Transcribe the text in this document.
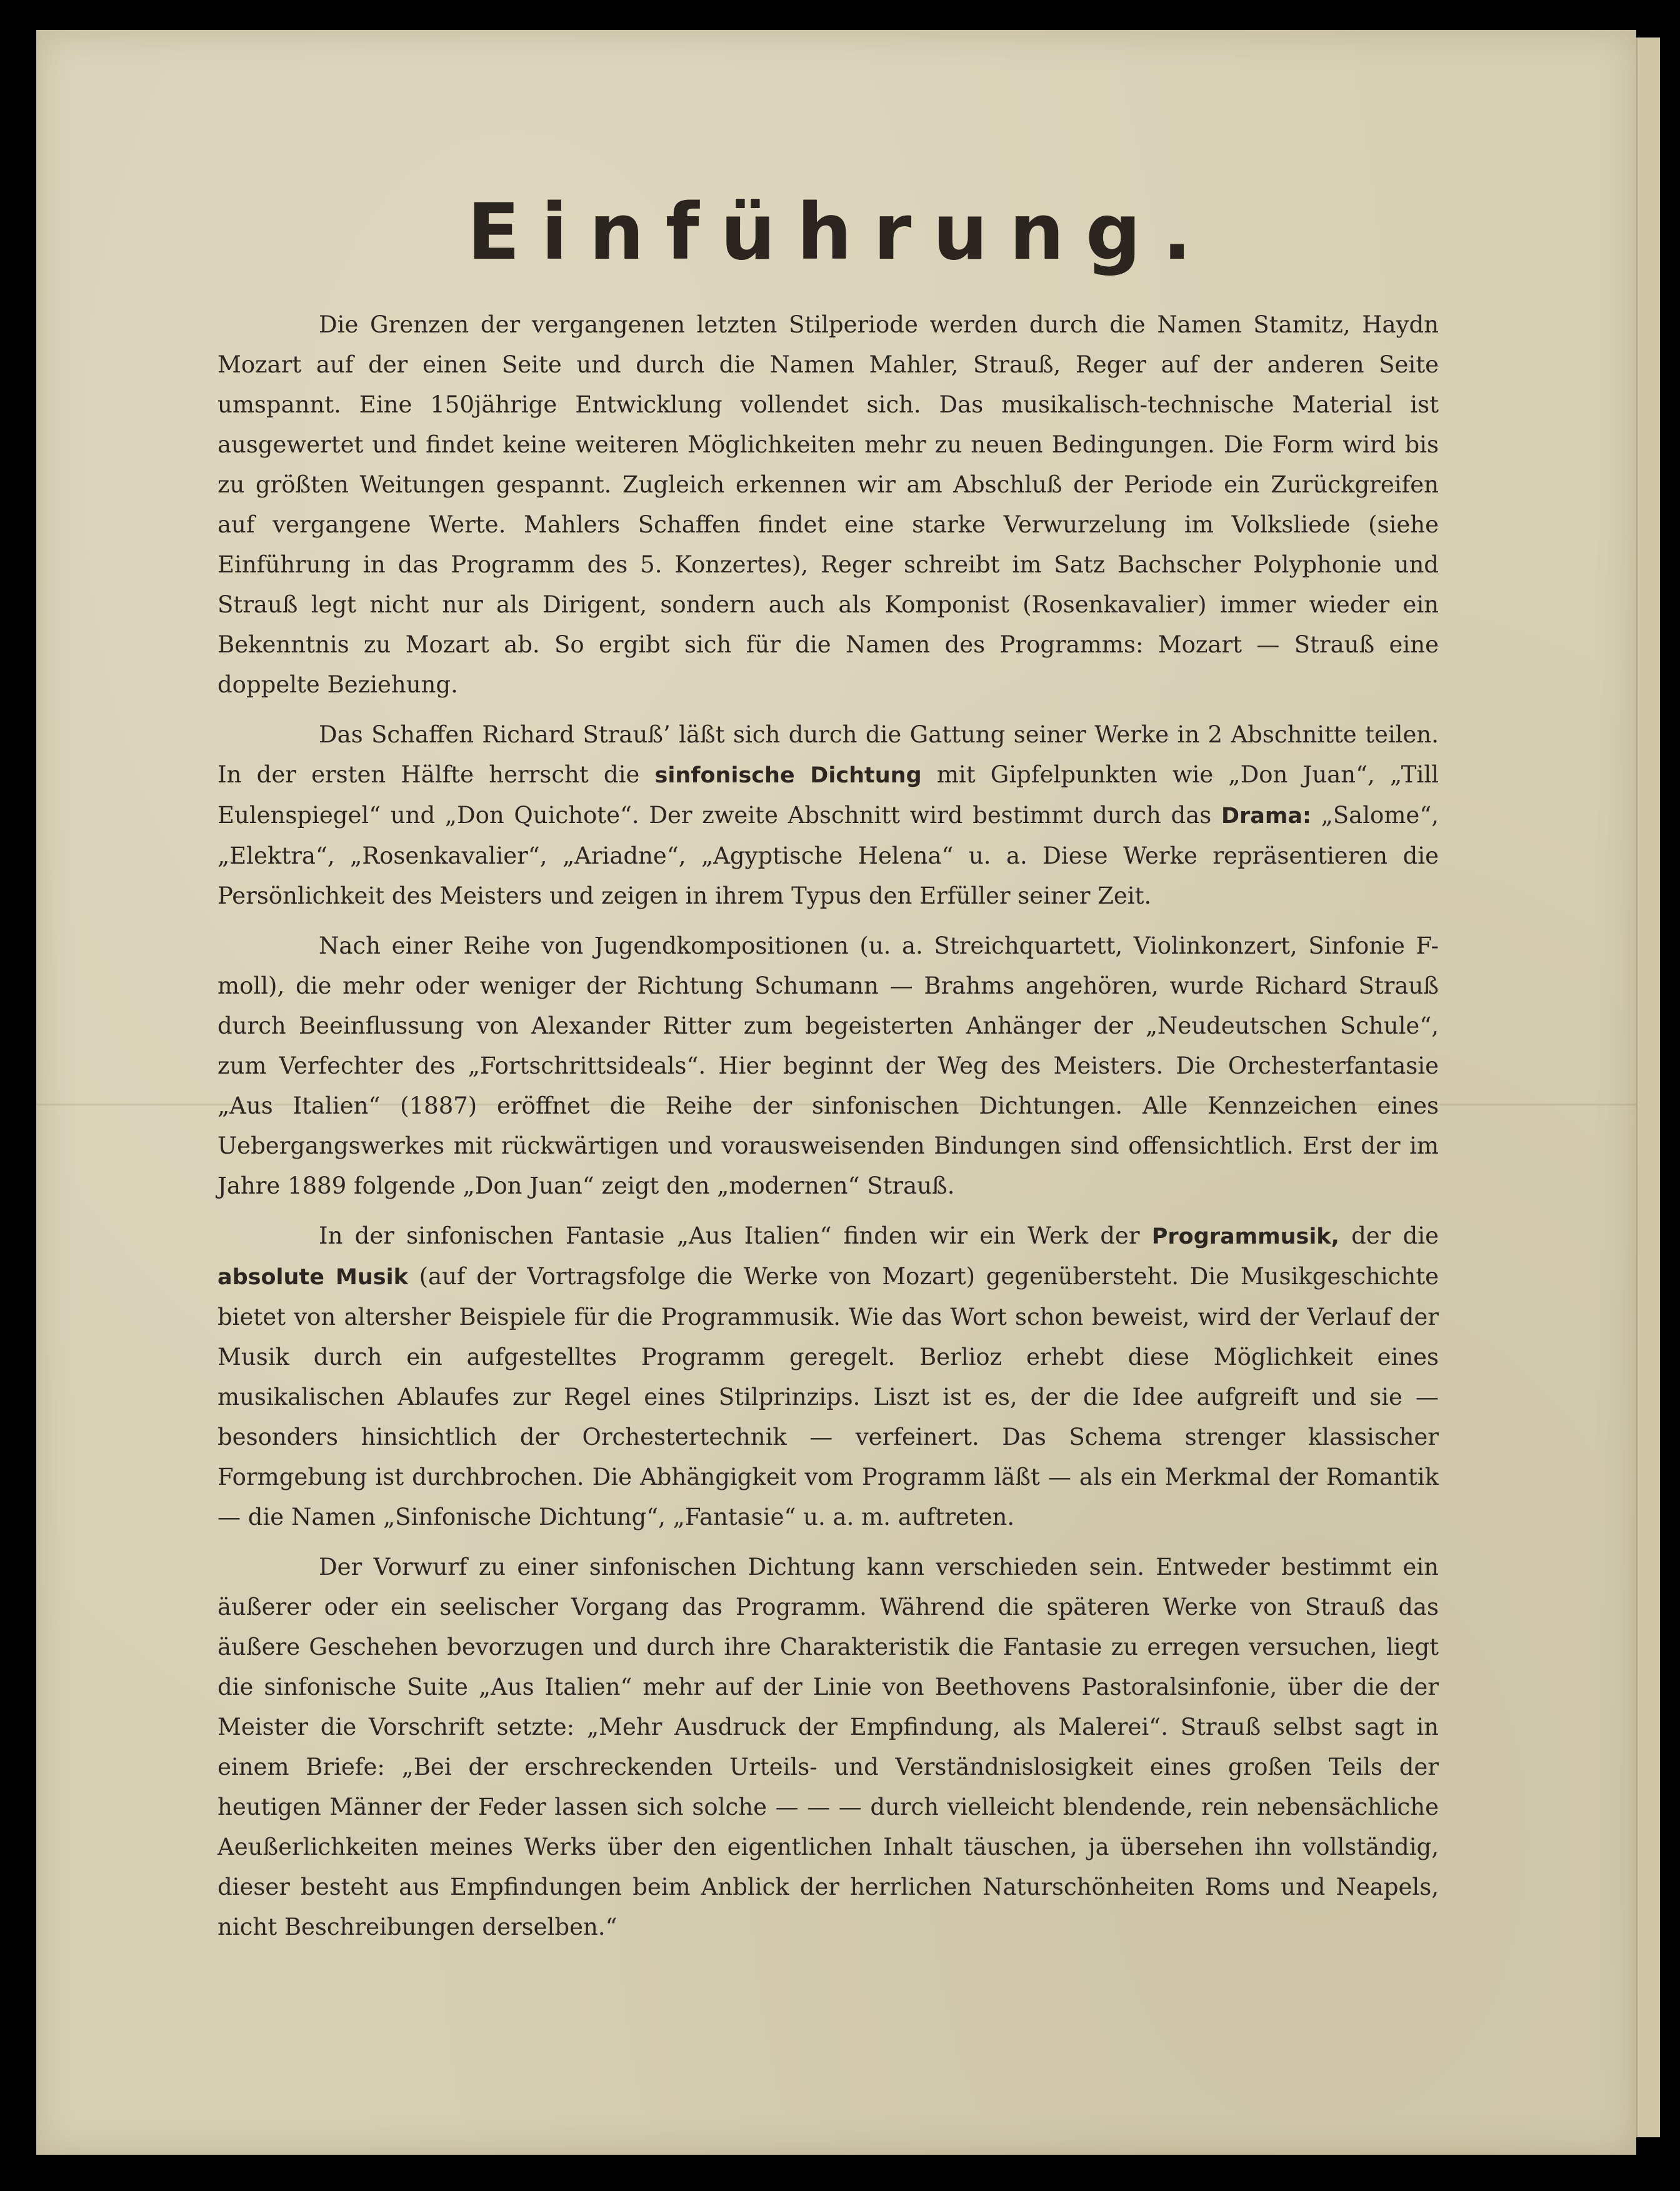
Einführung.

Die Grenzen der vergangenen letzten Stilperiode werden durch die Namen Stamitz, Haydn Mozart auf der einen Seite und durch die Namen Mahler, Strauß, Reger auf der anderen Seite umspannt. Eine 150jährige Entwicklung vollendet sich. Das musikalisch-technische Material ist ausgewertet und findet keine weiteren Möglichkeiten mehr zu neuen Bedingungen. Die Form wird bis zu größten Weitungen gespannt. Zugleich erkennen wir am Abschluß der Periode ein Zurückgreifen auf vergangene Werte. Mahlers Schaffen findet eine starke Verwurzelung im Volksliede (siehe Einführung in das Programm des 5. Konzertes), Reger schreibt im Satz Bachscher Polyphonie und Strauß legt nicht nur als Dirigent, sondern auch als Komponist (Rosenkavalier) immer wieder ein Bekenntnis zu Mozart ab. So ergibt sich für die Namen des Programms: Mozart — Strauß eine doppelte Beziehung.

Das Schaffen Richard Strauß’ läßt sich durch die Gattung seiner Werke in 2 Abschnitte teilen. In der ersten Hälfte herrscht die sinfonische Dichtung mit Gipfelpunkten wie „Don Juan“, „Till Eulenspiegel“ und „Don Quichote“. Der zweite Abschnitt wird bestimmt durch das Drama: „Salome“, „Elektra“, „Rosenkavalier“, „Ariadne“, „Agyptische Helena“ u. a. Diese Werke repräsentieren die Persönlichkeit des Meisters und zeigen in ihrem Typus den Erfüller seiner Zeit.

Nach einer Reihe von Jugendkompositionen (u. a. Streichquartett, Violinkonzert, Sinfonie F-moll), die mehr oder weniger der Richtung Schumann — Brahms angehören, wurde Richard Strauß durch Beeinflussung von Alexander Ritter zum begeisterten Anhänger der „Neudeutschen Schule“, zum Verfechter des „Fortschrittsideals“. Hier beginnt der Weg des Meisters. Die Orchesterfantasie „Aus Italien“ (1887) eröffnet die Reihe der sinfonischen Dichtungen. Alle Kennzeichen eines Uebergangswerkes mit rückwärtigen und vorausweisenden Bindungen sind offensichtlich. Erst der im Jahre 1889 folgende „Don Juan“ zeigt den „modernen“ Strauß.

In der sinfonischen Fantasie „Aus Italien“ finden wir ein Werk der Programmusik, der die absolute Musik (auf der Vortragsfolge die Werke von Mozart) gegenübersteht. Die Musikgeschichte bietet von altersher Beispiele für die Programmusik. Wie das Wort schon beweist, wird der Verlauf der Musik durch ein aufgestelltes Programm geregelt. Berlioz erhebt diese Möglichkeit eines musikalischen Ablaufes zur Regel eines Stilprinzips. Liszt ist es, der die Idee aufgreift und sie — besonders hinsichtlich der Orchestertechnik — verfeinert. Das Schema strenger klassischer Formgebung ist durchbrochen. Die Abhängigkeit vom Programm läßt — als ein Merkmal der Romantik — die Namen „Sinfonische Dichtung“, „Fantasie“ u. a. m. auftreten.

Der Vorwurf zu einer sinfonischen Dichtung kann verschieden sein. Entweder bestimmt ein äußerer oder ein seelischer Vorgang das Programm. Während die späteren Werke von Strauß das äußere Geschehen bevorzugen und durch ihre Charakteristik die Fantasie zu erregen versuchen, liegt die sinfonische Suite „Aus Italien“ mehr auf der Linie von Beethovens Pastoralsinfonie, über die der Meister die Vorschrift setzte: „Mehr Ausdruck der Empfindung, als Malerei“. Strauß selbst sagt in einem Briefe: „Bei der erschreckenden Urteils- und Verständnislosigkeit eines großen Teils der heutigen Männer der Feder lassen sich solche — — — durch vielleicht blendende, rein nebensächliche Aeußerlichkeiten meines Werks über den eigentlichen Inhalt täuschen, ja übersehen ihn vollständig, dieser besteht aus Empfindungen beim Anblick der herrlichen Naturschönheiten Roms und Neapels, nicht Beschreibungen derselben.“
